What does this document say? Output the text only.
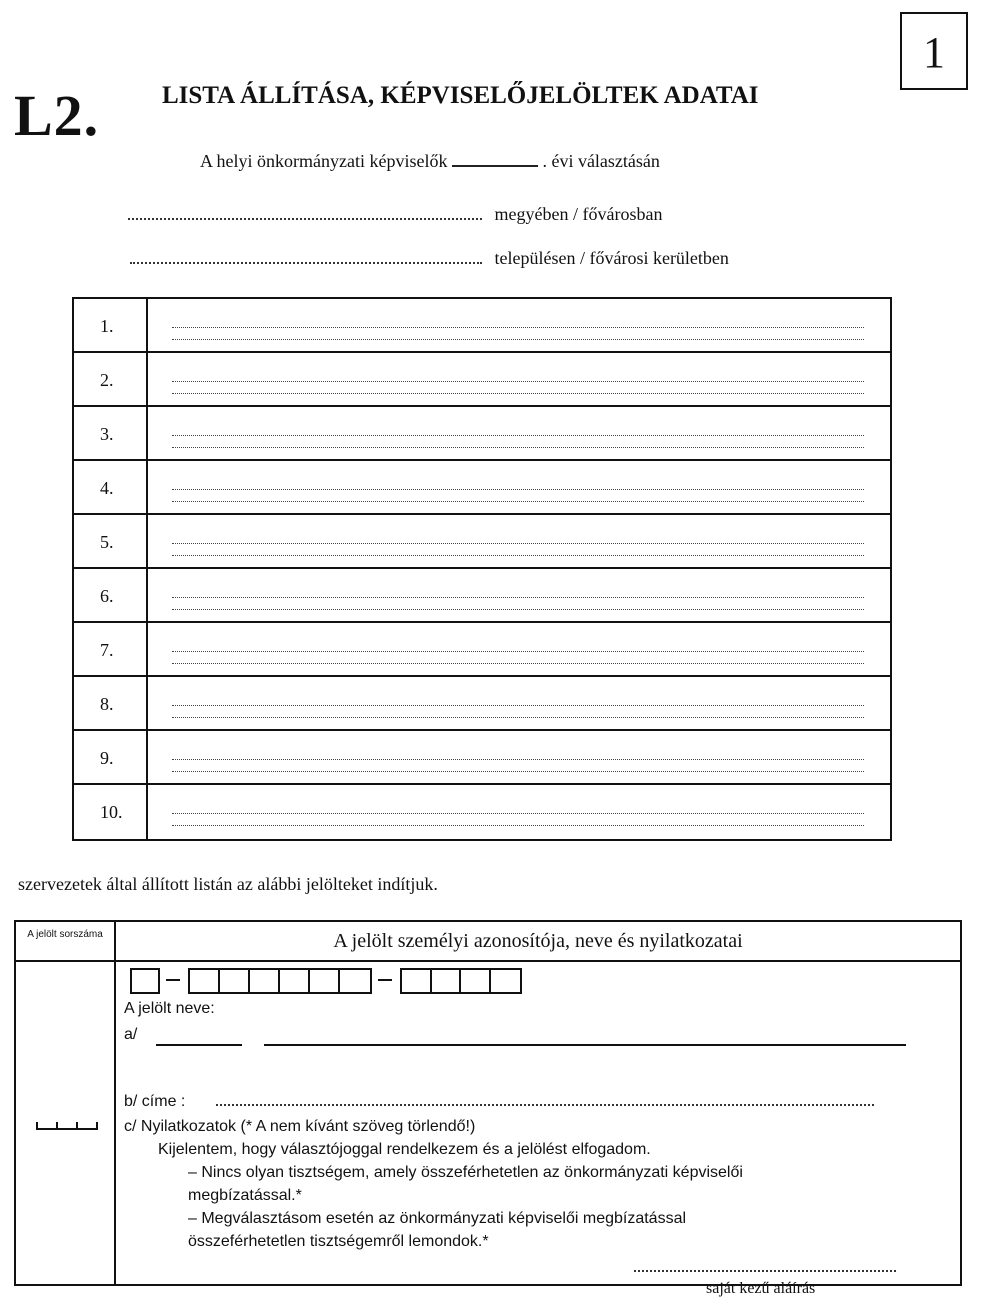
L2.	LISTA ÁLLÍTÁSA, KÉPVISELŐJELÖLTEK ADATAI
1
A helyi önkormányzati képviselők	. évi választásán
megyében / fővárosban
településen / fővárosi kerületben
1.
2.
3.
4.
5.
6.
7.
8.
9.
10.
szervezetek által állított listán az alábbi jelölteket indítjuk.
A jelölt sorszáma	A jelölt személyi azonosítója, neve és nyilatkozatai
A jelölt neve:
a/
b/ címe :
c/ Nyilatkozatok (* A nem kívánt szöveg törlendő!)
Kijelentem, hogy választójoggal rendelkezem és a jelölést elfogadom.
– Nincs olyan tisztségem, amely összeférhetetlen az önkormányzati képviselői
megbízatással.*
– Megválasztásom esetén az önkormányzati képviselői megbízatással
összeférhetetlen tisztségemről lemondok.*
saját kezű aláírás
